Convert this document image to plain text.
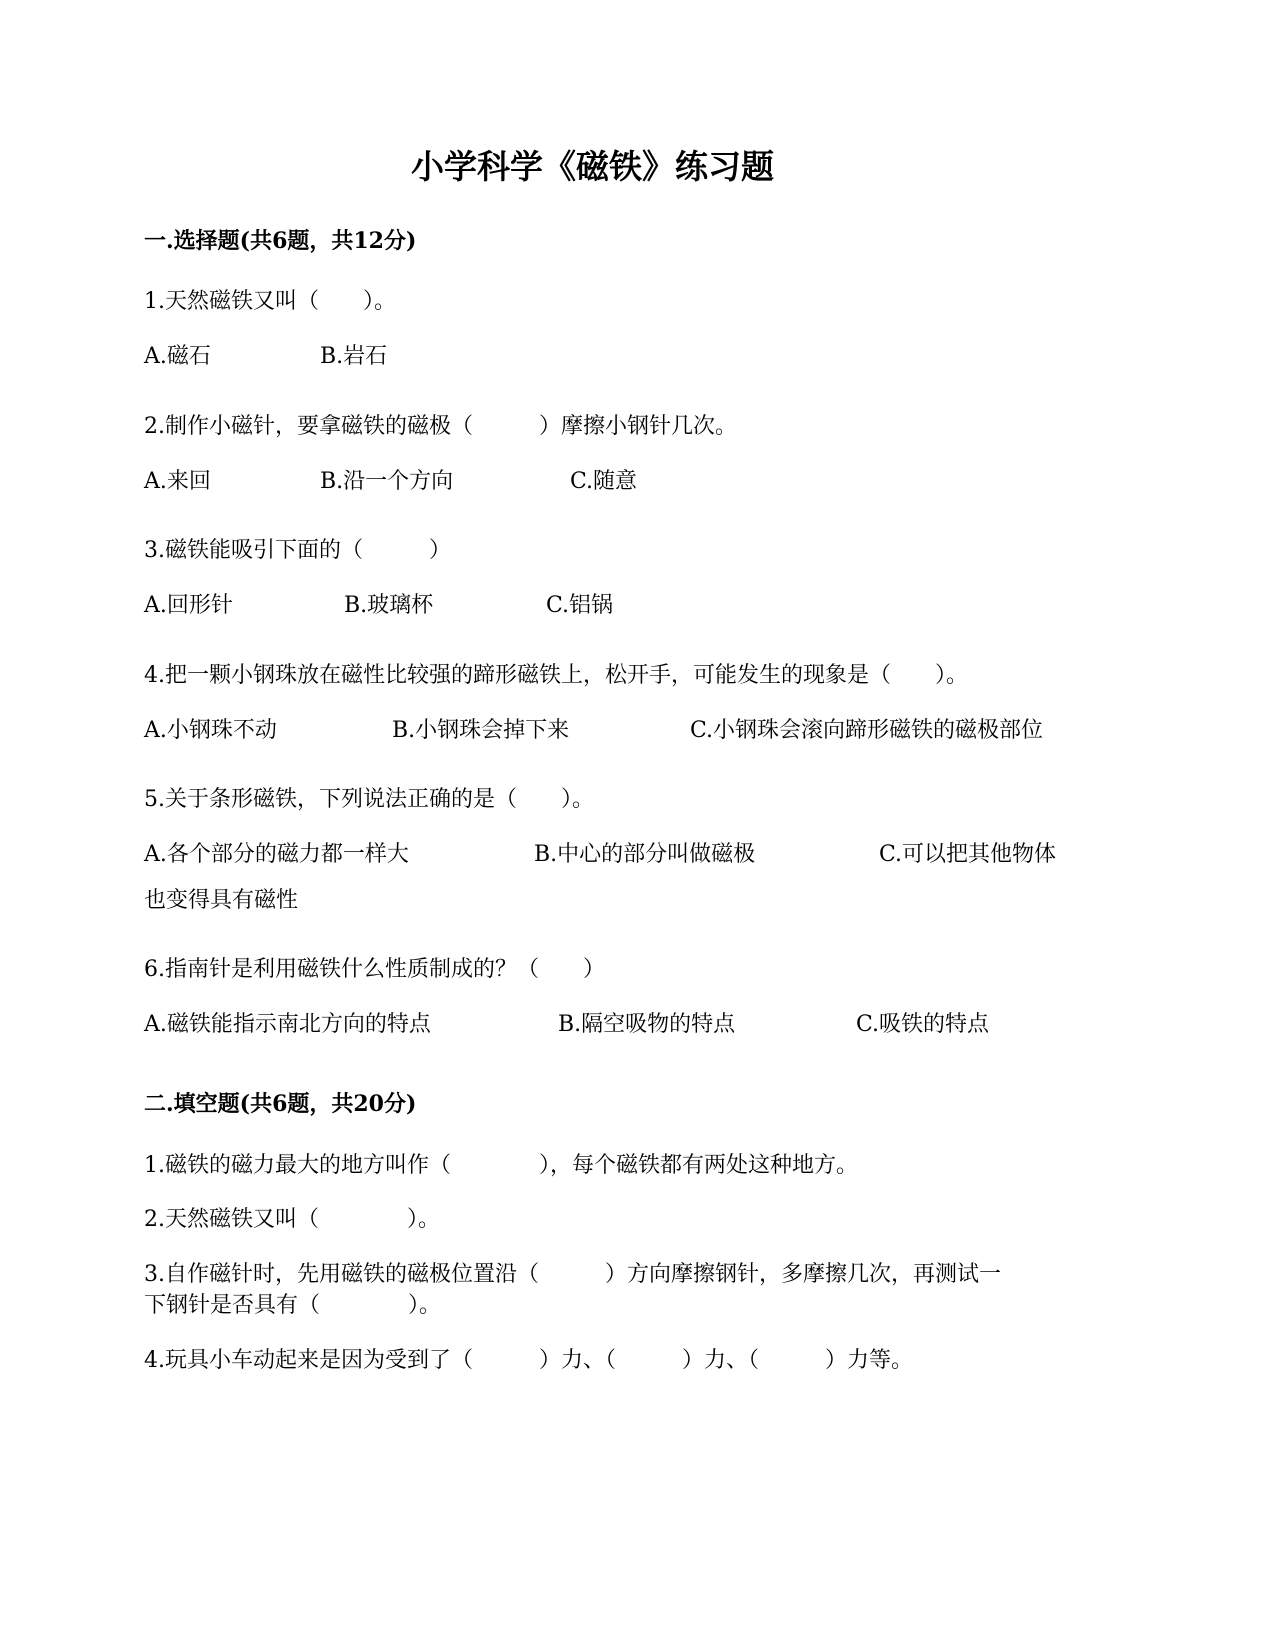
小学科学《磁铁》练习题
一.选择题(共6题，共12分)
1.天然磁铁又叫（　　）。
A.磁石	B.岩石
2.制作小磁针，要拿磁铁的磁极（　　　）摩擦小钢针几次。
A.来回	B.沿一个方向	C.随意
3.磁铁能吸引下面的（　　　）
A.回形针	B.玻璃杯	C.铝锅
4.把一颗小钢珠放在磁性比较强的蹄形磁铁上，松开手，可能发生的现象是（　　）。
A.小钢珠不动	B.小钢珠会掉下来	C.小钢珠会滚向蹄形磁铁的磁极部位
5.关于条形磁铁，下列说法正确的是（　　）。
A.各个部分的磁力都一样大	B.中心的部分叫做磁极	C.可以把其他物体
也变得具有磁性
6.指南针是利用磁铁什么性质制成的？（　　）
A.磁铁能指示南北方向的特点	B.隔空吸物的特点	C.吸铁的特点
二.填空题(共6题，共20分)
1.磁铁的磁力最大的地方叫作（　　　　），每个磁铁都有两处这种地方。
2.天然磁铁又叫（　　　　）。
3.自作磁针时，先用磁铁的磁极位置沿（　　　）方向摩擦钢针，多摩擦几次，再测试一
下钢针是否具有（　　　　）。
4.玩具小车动起来是因为受到了（　　　）力、（　　　）力、（　　　）力等。
